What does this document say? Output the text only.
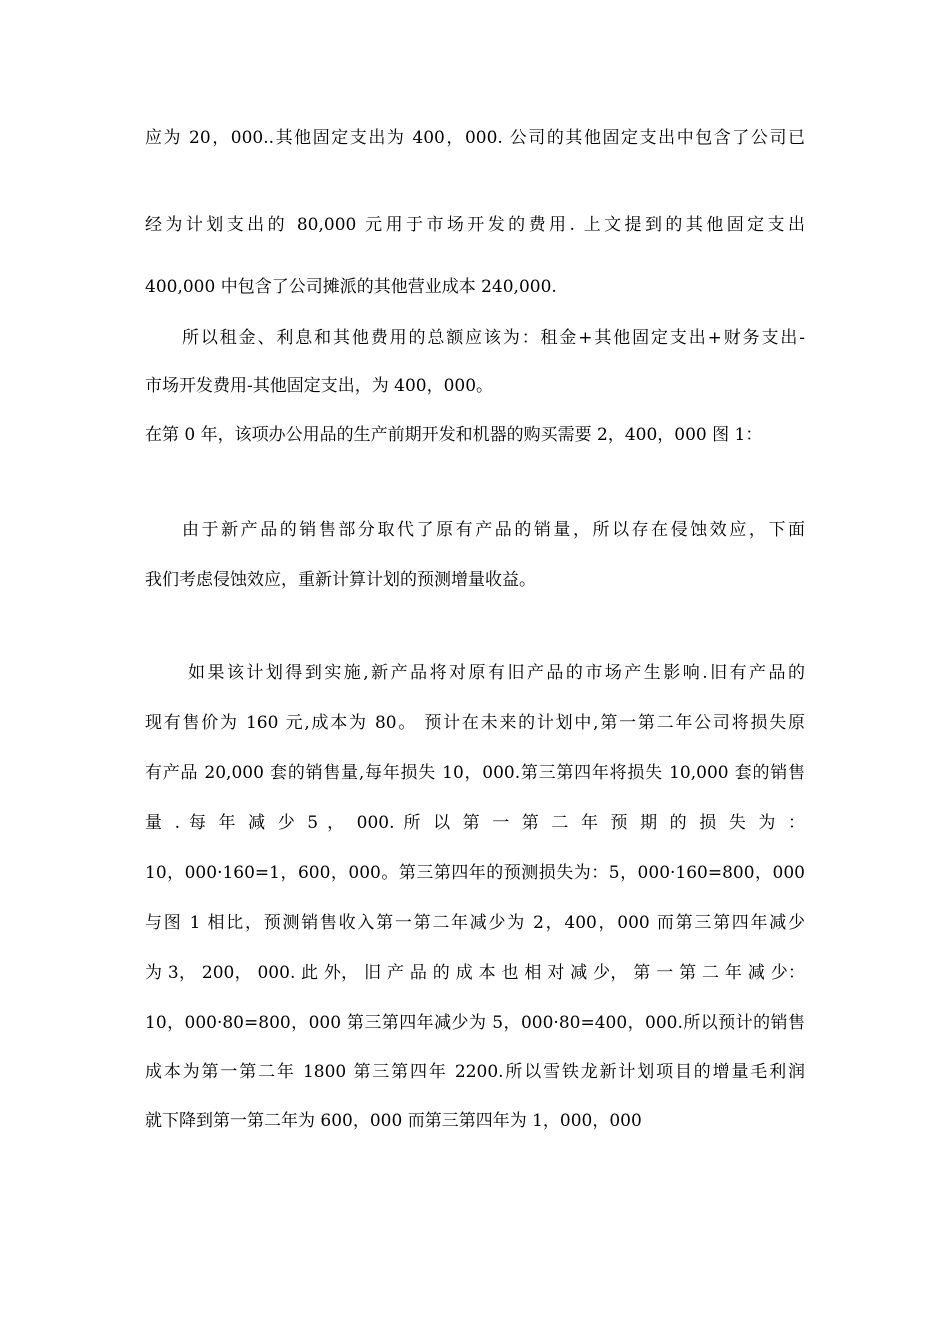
应为 20，000..其他固定支出为 400，000. 公司的其他固定支出中包含了公司已
经为计划支出的 80,000 元用于市场开发的费用. 上文提到的其他固定支出
400,000 中包含了公司摊派的其他营业成本 240,000.
所以租金、利息和其他费用的总额应该为：租金+其他固定支出+财务支出-
市场开发费用-其他固定支出，为 400，000。
在第 0 年，该项办公用品的生产前期开发和机器的购买需要 2，400，000 图 1：
由于新产品的销售部分取代了原有产品的销量，所以存在侵蚀效应，下面
我们考虑侵蚀效应，重新计算计划的预测增量收益。
如果该计划得到实施,新产品将对原有旧产品的市场产生影响.旧有产品的
现有售价为 160 元,成本为 80。 预计在未来的计划中,第一第二年公司将损失原
有产品 20,000 套的销售量,每年损失 10，000.第三第四年将损失 10,000 套的销售
量 . 每 年 减 少 5 ， 000. 所 以 第 一 第 二 年 预 期 的 损 失 为 ：
10，000·160=1，600，000。第三第四年的预测损失为：5，000·160=800，000
与图 1 相比，预测销售收入第一第二年减少为 2，400，000 而第三第四年减少
为 3， 200， 000. 此 外， 旧 产 品 的 成 本 也 相 对 减 少， 第 一 第 二 年 减 少：
10，000·80=800，000 第三第四年减少为 5，000·80=400，000.所以预计的销售
成本为第一第二年 1800 第三第四年 2200.所以雪铁龙新计划项目的增量毛利润
就下降到第一第二年为 600，000 而第三第四年为 1，000，000
